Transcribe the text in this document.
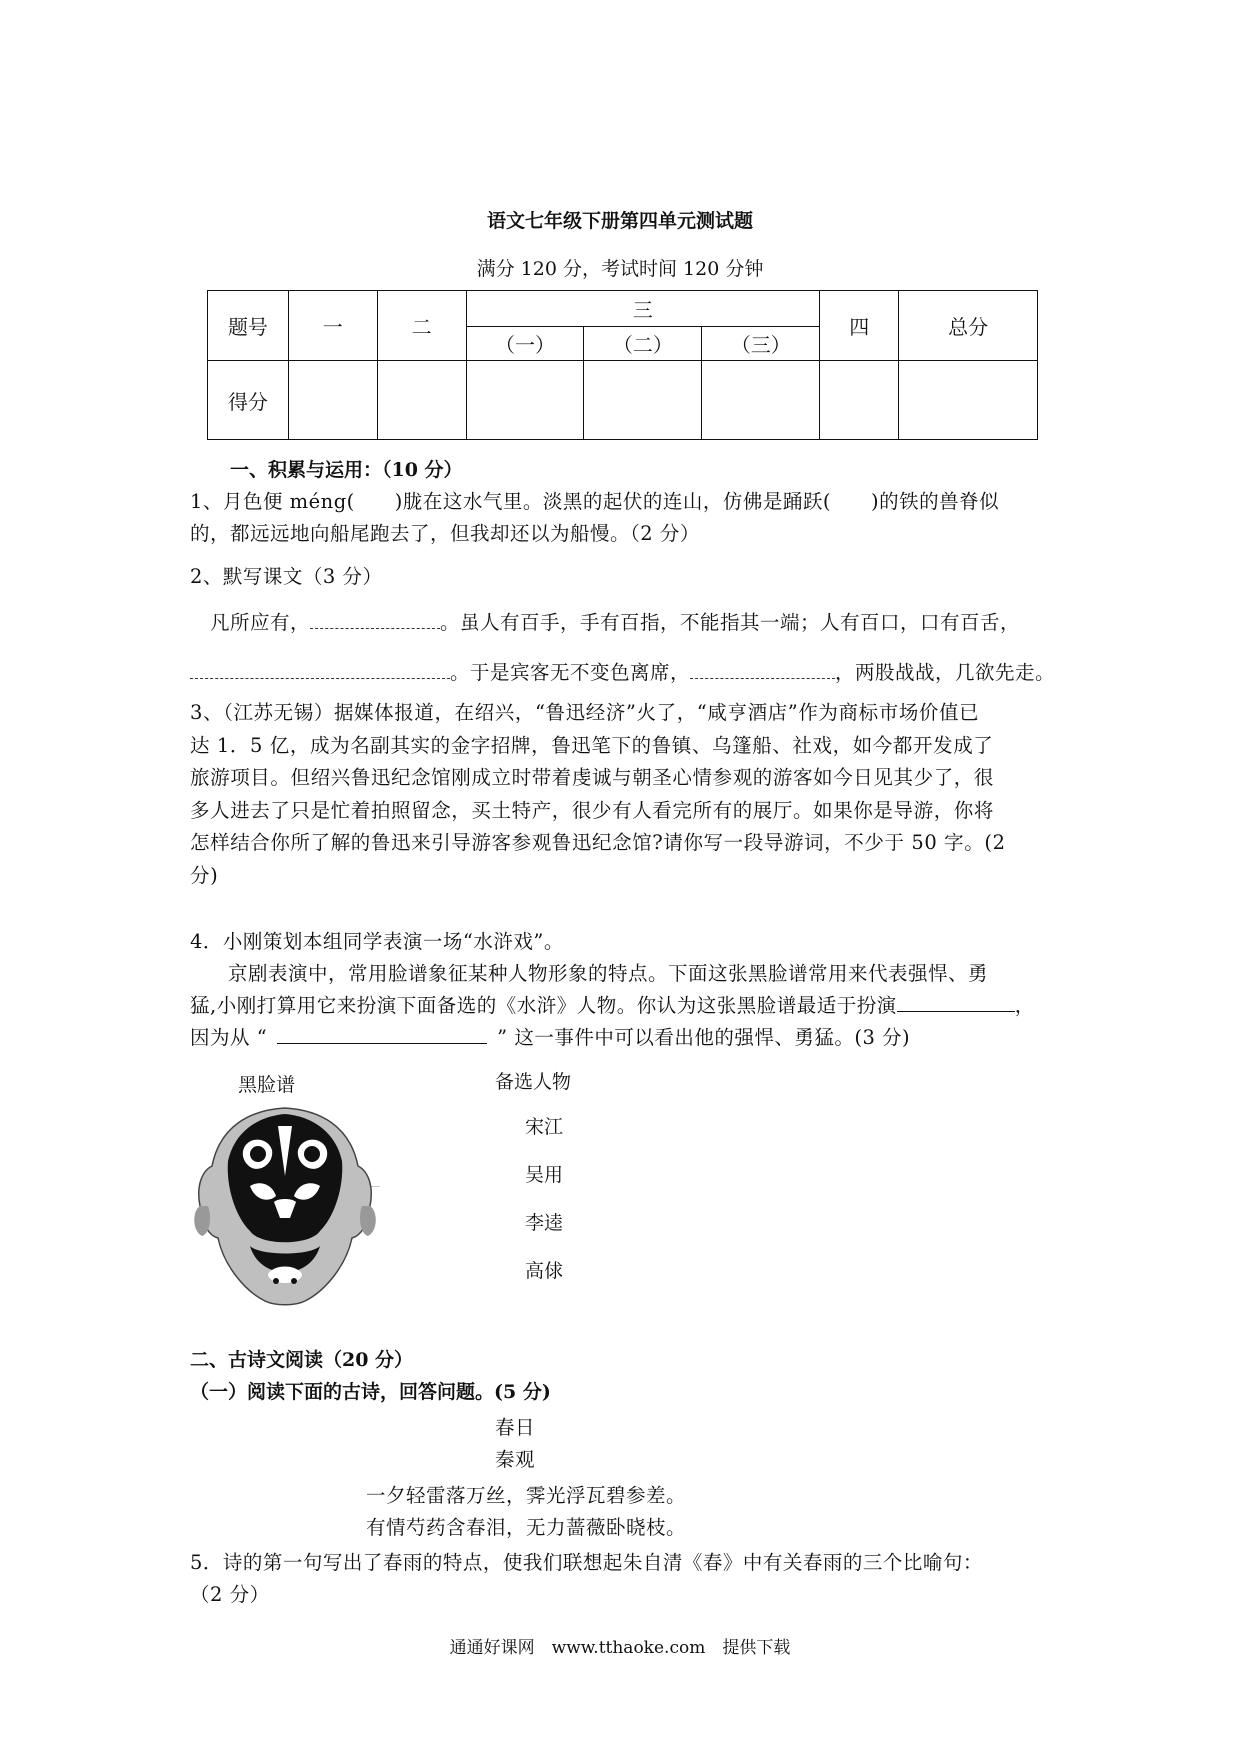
语文七年级下册第四单元测试题
满分 120 分，考试时间 120 分钟
题号	一	二	三			四	总分
			（一）	（二）	（三）		
得分							
一、积累与运用：（10 分）
1、月色便 méng(　　)胧在这水气里。淡黑的起伏的连山，仿佛是踊跃(　　)的铁的兽脊似
的，都远远地向船尾跑去了，但我却还以为船慢。（2 分）
2、默写课文（3 分）
凡所应有，	。虽人有百手，手有百指，不能指其一端；人有百口，口有百舌，
。于是宾客无不变色离席，	，两股战战，几欲先走。
3、（江苏无锡）据媒体报道，在绍兴，“鲁迅经济”火了，“咸亨酒店”作为商标市场价值已
达 1．5 亿，成为名副其实的金字招牌，鲁迅笔下的鲁镇、乌篷船、社戏，如今都开发成了
旅游项目。但绍兴鲁迅纪念馆刚成立时带着虔诚与朝圣心情参观的游客如今日见其少了，很
多人进去了只是忙着拍照留念，买土特产，很少有人看完所有的展厅。如果你是导游，你将
怎样结合你所了解的鲁迅来引导游客参观鲁迅纪念馆?请你写一段导游词，不少于 50 字。(2
分)
4．小刚策划本组同学表演一场“水浒戏”。
京剧表演中，常用脸谱象征某种人物形象的特点。下面这张黑脸谱常用来代表强悍、勇
猛,小刚打算用它来扮演下面备选的《水浒》人物。你认为这张黑脸谱最适于扮演	，
因为从 “	” 这一事件中可以看出他的强悍、勇猛。(3 分)
黑脸谱	备选人物
宋江
吴用
李逵
高俅
二、古诗文阅读（20 分）
（一）阅读下面的古诗，回答问题。(5 分)
春日
秦观
一夕轻雷落万丝，霁光浮瓦碧参差。
有情芍药含春泪，无力蔷薇卧晓枝。
5．诗的第一句写出了春雨的特点，使我们联想起朱自清《春》中有关春雨的三个比喻句：
（2 分）
通通好课网　www.tthaoke.com　提供下载
